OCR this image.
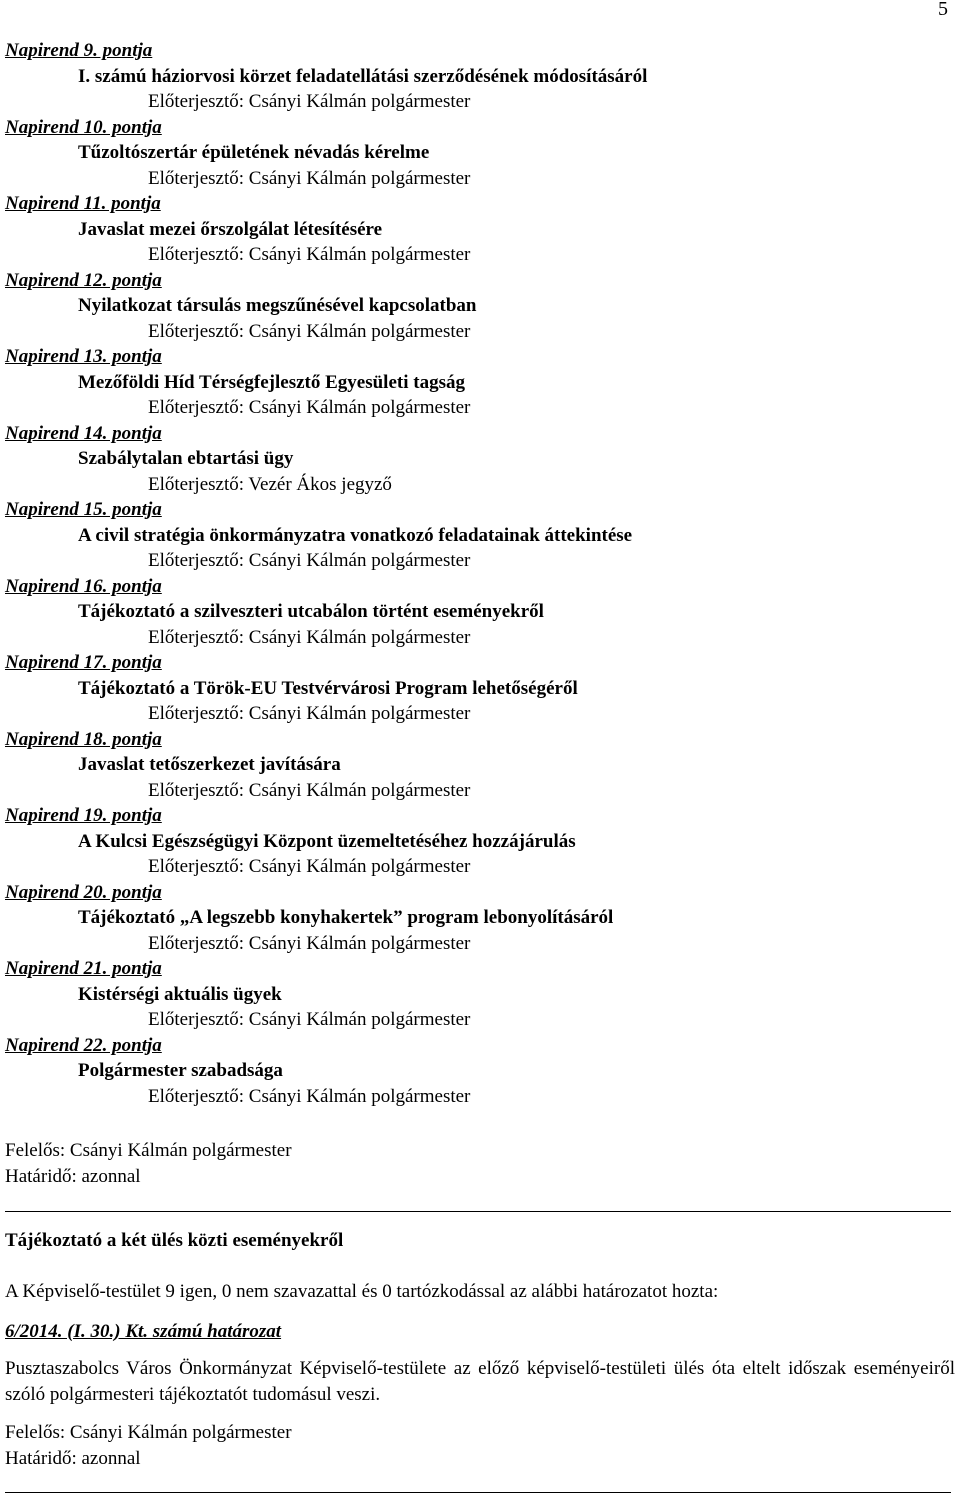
5
Napirend 9. pontja
I. számú háziorvosi körzet feladatellátási szerződésének módosításáról
Előterjesztő: Csányi Kálmán polgármester
Napirend 10. pontja
Tűzoltószertár épületének névadás kérelme
Előterjesztő: Csányi Kálmán polgármester
Napirend 11. pontja
Javaslat mezei őrszolgálat létesítésére
Előterjesztő: Csányi Kálmán polgármester
Napirend 12. pontja
Nyilatkozat társulás megszűnésével kapcsolatban
Előterjesztő: Csányi Kálmán polgármester
Napirend 13. pontja
Mezőföldi Híd Térségfejlesztő Egyesületi tagság
Előterjesztő: Csányi Kálmán polgármester
Napirend 14. pontja
Szabálytalan ebtartási ügy
Előterjesztő: Vezér Ákos jegyző
Napirend 15. pontja
A civil stratégia önkormányzatra vonatkozó feladatainak áttekintése
Előterjesztő: Csányi Kálmán polgármester
Napirend 16. pontja
Tájékoztató a szilveszteri utcabálon történt eseményekről
Előterjesztő: Csányi Kálmán polgármester
Napirend 17. pontja
Tájékoztató a Török-EU Testvérvárosi Program lehetőségéről
Előterjesztő: Csányi Kálmán polgármester
Napirend 18. pontja
Javaslat tetőszerkezet javítására
Előterjesztő: Csányi Kálmán polgármester
Napirend 19. pontja
A Kulcsi Egészségügyi Központ üzemeltetéséhez hozzájárulás
Előterjesztő: Csányi Kálmán polgármester
Napirend 20. pontja
Tájékoztató „A legszebb konyhakertek” program lebonyolításáról
Előterjesztő: Csányi Kálmán polgármester
Napirend 21. pontja
Kistérségi aktuális ügyek
Előterjesztő: Csányi Kálmán polgármester
Napirend 22. pontja
Polgármester szabadsága
Előterjesztő: Csányi Kálmán polgármester
Felelős: Csányi Kálmán polgármester
Határidő: azonnal
Tájékoztató a két ülés közti eseményekről
A Képviselő-testület 9 igen, 0 nem szavazattal és 0 tartózkodással az alábbi határozatot hozta:
6/2014. (I. 30.) Kt. számú határozat
Pusztaszabolcs Város Önkormányzat Képviselő-testülete az előző képviselő-testületi ülés óta eltelt időszak eseményeiről szóló polgármesteri tájékoztatót tudomásul veszi.
Felelős: Csányi Kálmán polgármester
Határidő: azonnal
